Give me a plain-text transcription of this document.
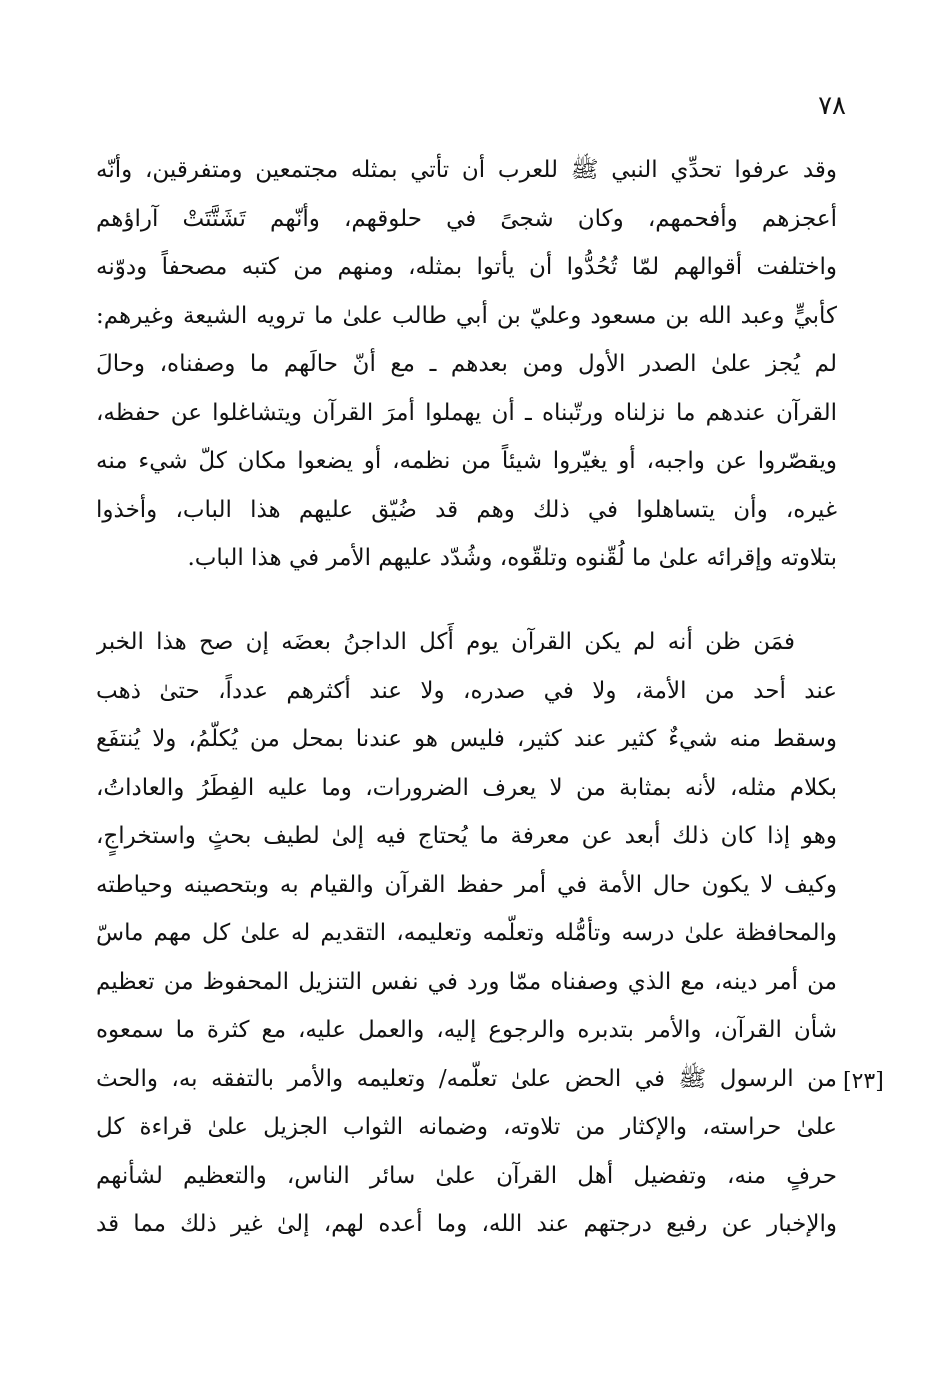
٧٨
وقد عرفوا تحدِّي النبي ﷺ للعرب أن تأتي بمثله مجتمعين ومتفرقين، وأنّه
أعجزهم وأفحمهم، وكان شجىً في حلوقهم، وأنّهم تَشَتَّتَتْ آراؤهم
واختلفت أقوالهم لمّا تُحُدُّوا أن يأتوا بمثله، ومنهم من كتبه مصحفاً ودوّنه
كأبيٍّ وعبد الله بن مسعود وعليّ بن أبي طالب علىٰ ما ترويه الشيعة وغيرهم:
لم يُجز علىٰ الصدر الأول ومن بعدهم ـ مع أنّ حالَهم ما وصفناه، وحالَ
القرآن عندهم ما نزلناه ورتّبناه ـ أن يهملوا أمرَ القرآن ويتشاغلوا عن حفظه،
ويقصّروا عن واجبه، أو يغيّروا شيئاً من نظمه، أو يضعوا مكان كلّ شيء منه
غيره، وأن يتساهلوا في ذلك وهم قد ضُيّق عليهم هذا الباب، وأخذوا
بتلاوته وإقرائه علىٰ ما لُقّنوه وتلقّوه، وشُدّد عليهم الأمر في هذا الباب.
فمَن ظن أنه لم يكن القرآن يوم أَكل الداجنُ بعضَه إن صح هذا الخبر
عند أحد من الأمة، ولا في صدره، ولا عند أكثرهم عدداً، حتىٰ ذهب
وسقط منه شيءٌ كثير عند كثير، فليس هو عندنا بمحل من يُكلّمُ، ولا يُنتفَع
بكلام مثله، لأنه بمثابة من لا يعرف الضرورات، وما عليه الفِطَرُ والعاداتُ،
وهو إذا كان ذلك أبعد عن معرفة ما يُحتاج فيه إلىٰ لطيف بحثٍ واستخراجٍ،
وكيف لا يكون حال الأمة في أمر حفظ القرآن والقيام به وبتحصينه وحياطته
والمحافظة علىٰ درسه وتأمُّله وتعلّمه وتعليمه، التقديم له علىٰ كل مهم ماسّ
من أمر دينه، مع الذي وصفناه ممّا ورد في نفس التنزيل المحفوظ من تعظيم
شأن القرآن، والأمر بتدبره والرجوع إليه، والعمل عليه، مع كثرة ما سمعوه
من الرسول ﷺ في الحض علىٰ تعلّمه/ وتعليمه والأمر بالتفقه به، والحث
علىٰ حراسته، والإكثار من تلاوته، وضمانه الثواب الجزيل علىٰ قراءة كل
حرفٍ منه، وتفضيل أهل القرآن علىٰ سائر الناس، والتعظيم لشأنهم
والإخبار عن رفيع درجتهم عند الله، وما أعده لهم، إلىٰ غير ذلك مما قد
[٢٣]
